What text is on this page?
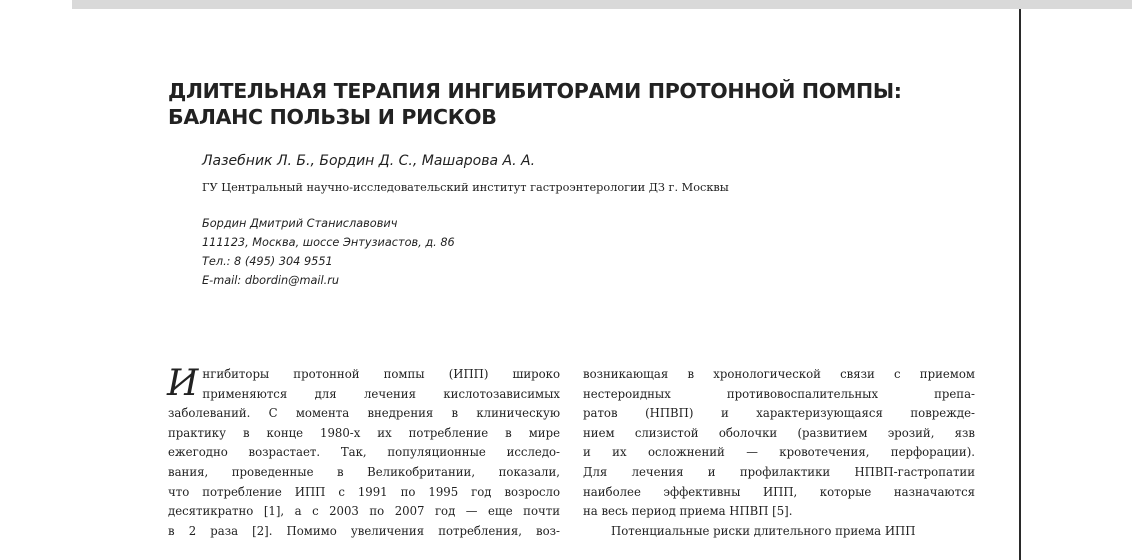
ДЛИТЕЛЬНАЯ ТЕРАПИЯ ИНГИБИТОРАМИ ПРОТОННОЙ ПОМПЫ:
БАЛАНС ПОЛЬЗЫ И РИСКОВ

Лазебник Л. Б., Бордин Д. С., Машарова А. А.

ГУ Центральный научно-исследовательский институт гастроэнтерологии ДЗ г. Москвы

Бордин Дмитрий Станиславович
111123, Москва, шоссе Энтузиастов, д. 86
Тел.: 8 (495) 304 9551
E-mail: dbordin@mail.ru
И нгибиторы протонной помпы (ИПП) широко
применяются для лечения кислотозависимых
заболеваний. С момента внедрения в клиническую
практику в конце 1980-х их потребление в мире
ежегодно возрастает. Так, популяционные исследо-
вания, проведенные в Великобритании, показали,
что потребление ИПП с 1991 по 1995 год возросло
десятикратно [1], а с 2003 по 2007 год — еще почти
в 2 раза [2]. Помимо увеличения потребления, воз-
возникающая в хронологической связи с приемом
нестероидных противовоспалительных препа-
ратов (НПВП) и характеризующаяся поврежде-
нием слизистой оболочки (развитием эрозий, язв
и их осложнений — кровотечения, перфорации).
Для лечения и профилактики НПВП-гастропатии
наиболее эффективны ИПП, которые назначаются
на весь период приема НПВП [5].
Потенциальные риски длительного приема ИПП
